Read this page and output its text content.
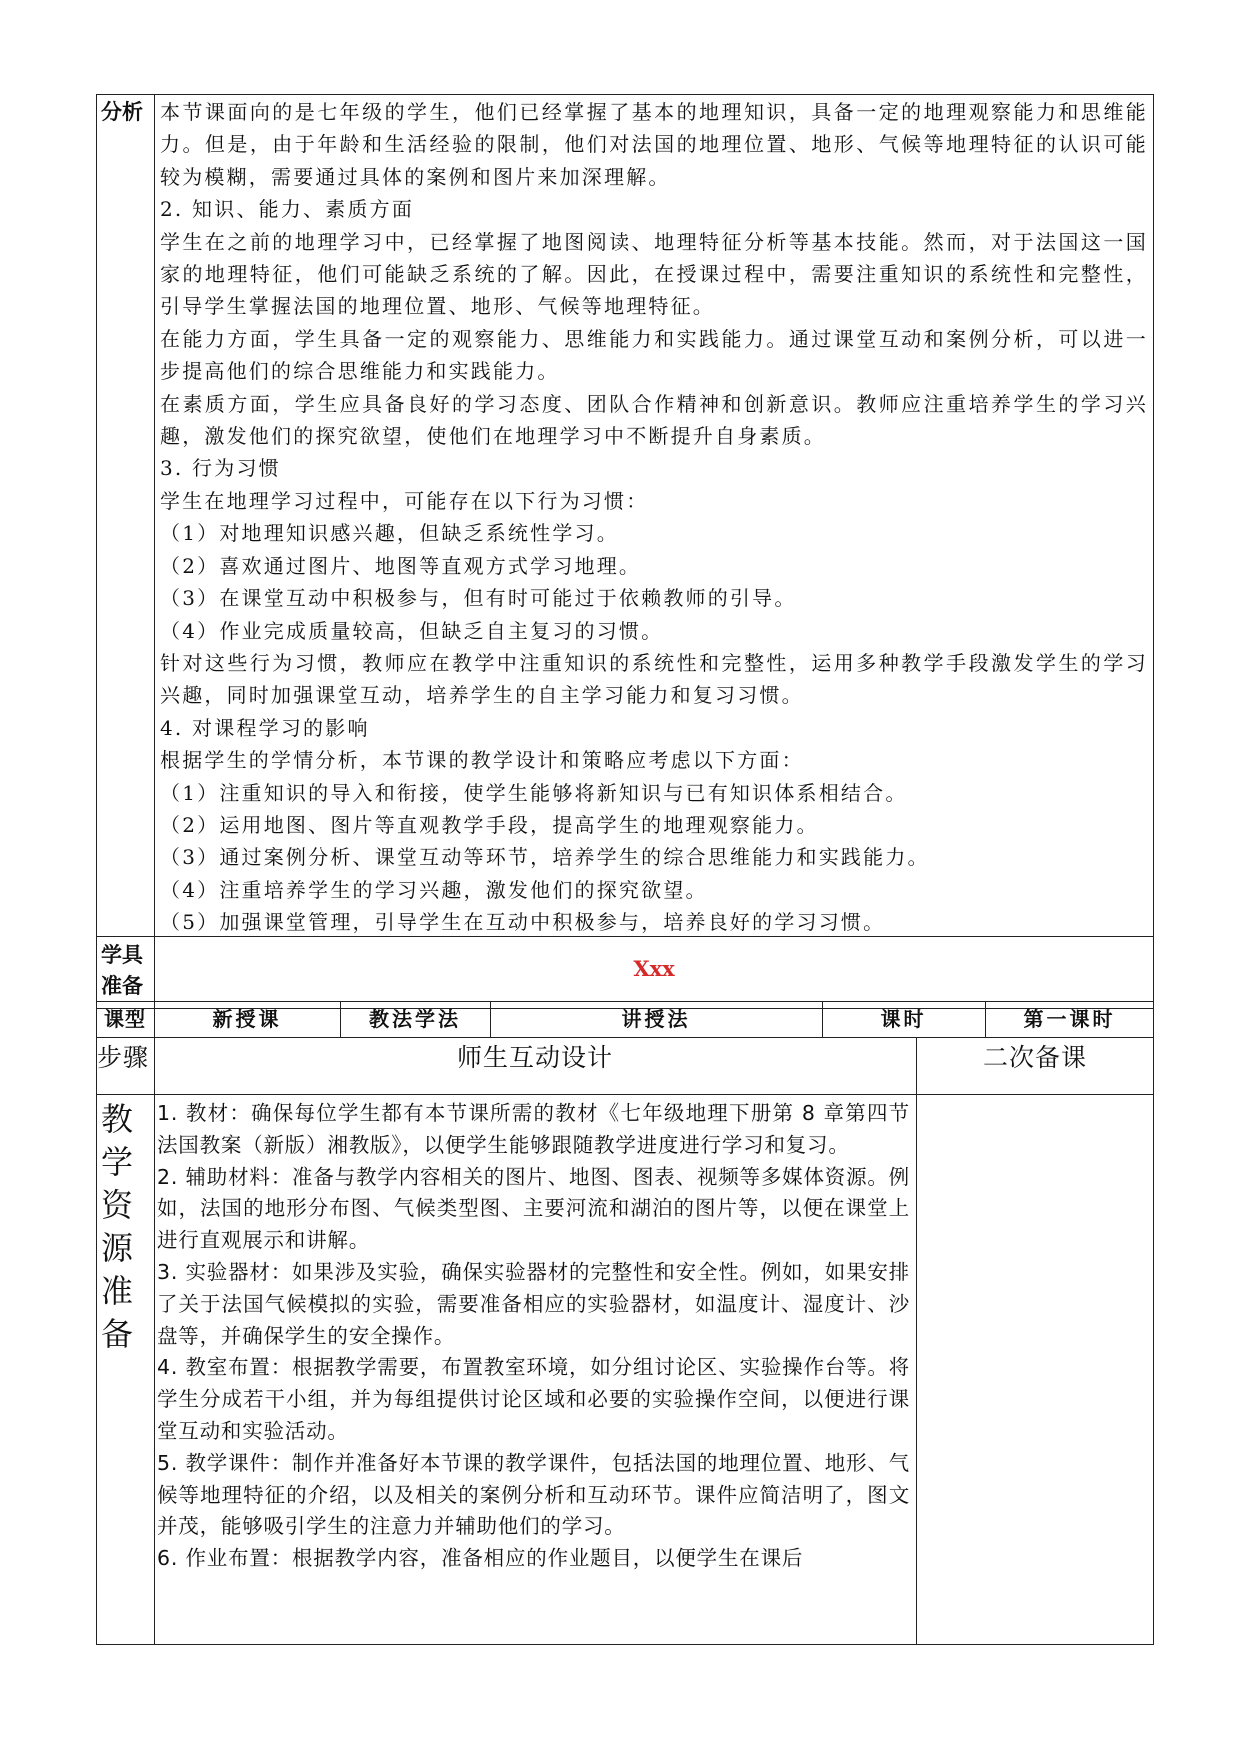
分析 本节课面向的是七年级的学生，他们已经掌握了基本的地理知识，具备一定的地理观察能力和思维能力。但是，由于年龄和生活经验的限制，他们对法国的地理位置、地形、气候等地理特征的认识可能较为模糊，需要通过具体的案例和图片来加深理解。

2. 知识、能力、素质方面

学生在之前的地理学习中，已经掌握了地图阅读、地理特征分析等基本技能。然而，对于法国这一国家的地理特征，他们可能缺乏系统的了解。因此，在授课过程中，需要注重知识的系统性和完整性，引导学生掌握法国的地理位置、地形、气候等地理特征。

在能力方面，学生具备一定的观察能力、思维能力和实践能力。通过课堂互动和案例分析，可以进一步提高他们的综合思维能力和实践能力。

在素质方面，学生应具备良好的学习态度、团队合作精神和创新意识。教师应注重培养学生的学习兴趣，激发他们的探究欲望，使他们在地理学习中不断提升自身素质。

3. 行为习惯

学生在地理学习过程中，可能存在以下行为习惯：

（1）对地理知识感兴趣，但缺乏系统性学习。

（2）喜欢通过图片、地图等直观方式学习地理。

（3）在课堂互动中积极参与，但有时可能过于依赖教师的引导。

（4）作业完成质量较高，但缺乏自主复习的习惯。

针对这些行为习惯，教师应在教学中注重知识的系统性和完整性，运用多种教学手段激发学生的学习兴趣，同时加强课堂互动，培养学生的自主学习能力和复习习惯。

4. 对课程学习的影响

根据学生的学情分析，本节课的教学设计和策略应考虑以下方面：

（1）注重知识的导入和衔接，使学生能够将新知识与已有知识体系相结合。

（2）运用地图、图片等直观教学手段，提高学生的地理观察能力。

（3）通过案例分析、课堂互动等环节，培养学生的综合思维能力和实践能力。

（4）注重培养学生的学习兴趣，激发他们的探究欲望。

（5）加强课堂管理，引导学生在互动中积极参与，培养良好的学习习惯。

学具
准备
Xxx
课型	新授课	教法学法	讲授法	课时	第一课时
步骤	师生互动设计	二次备课
教
学
资
源
准
备

1. 教材：确保每位学生都有本节课所需的教材《七年级地理下册第 8 章第四节法国教案（新版）湘教版》，以便学生能够跟随教学进度进行学习和复习。

2. 辅助材料：准备与教学内容相关的图片、地图、图表、视频等多媒体资源。例如，法国的地形分布图、气候类型图、主要河流和湖泊的图片等，以便在课堂上进行直观展示和讲解。

3. 实验器材：如果涉及实验，确保实验器材的完整性和安全性。例如，如果安排了关于法国气候模拟的实验，需要准备相应的实验器材，如温度计、湿度计、沙盘等，并确保学生的安全操作。

4. 教室布置：根据教学需要，布置教室环境，如分组讨论区、实验操作台等。将学生分成若干小组，并为每组提供讨论区域和必要的实验操作空间，以便进行课堂互动和实验活动。

5. 教学课件：制作并准备好本节课的教学课件，包括法国的地理位置、地形、气候等地理特征的介绍，以及相关的案例分析和互动环节。课件应简洁明了，图文并茂，能够吸引学生的注意力并辅助他们的学习。

6. 作业布置：根据教学内容，准备相应的作业题目，以便学生在课后
